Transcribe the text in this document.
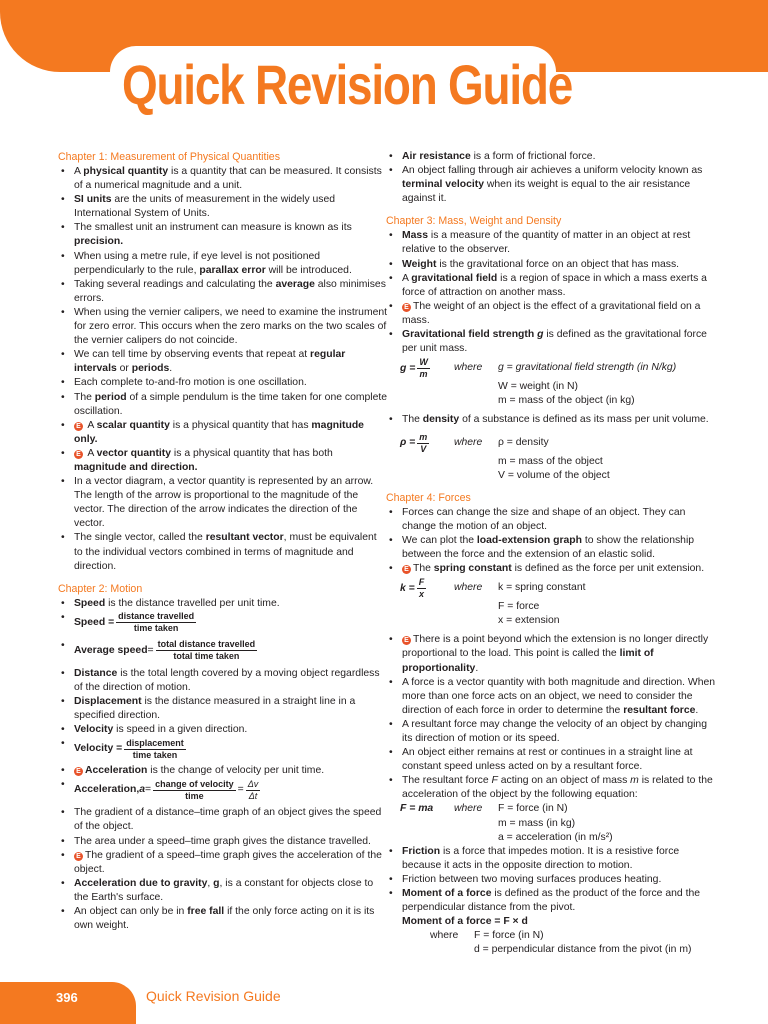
Quick Revision Guide
Chapter 1: Measurement of Physical Quantities
• A physical quantity is a quantity that can be measured. It consists of a numerical magnitude and a unit.
• SI units are the units of measurement in the widely used International System of Units.
• The smallest unit an instrument can measure is known as its precision.
• When using a metre rule, if eye level is not positioned perpendicularly to the rule, parallax error will be introduced.
• Taking several readings and calculating the average also minimises errors.
• When using the vernier calipers, we need to examine the instrument for zero error. This occurs when the zero marks on the two scales of the vernier calipers do not coincide.
• We can tell time by observing events that repeat at regular intervals or periods.
• Each complete to-and-fro motion is one oscillation.
• The period of a simple pendulum is the time taken for one complete oscillation.
• E A scalar quantity is a physical quantity that has magnitude only.
• E A vector quantity is a physical quantity that has both magnitude and direction.
• In a vector diagram, a vector quantity is represented by an arrow. The length of the arrow is proportional to the magnitude of the vector. The direction of the arrow indicates the direction of the vector.
• The single vector, called the resultant vector, must be equivalent to the individual vectors combined in terms of magnitude and direction.
Chapter 2: Motion
• Speed is the distance travelled per unit time.
• Speed = $\frac{\text{distance travelled}}{\text{time taken}}$
• Average speed = $\frac{\text{total distance travelled}}{\text{total time taken}}$
• Distance is the total length covered by a moving object regardless of the direction of motion.
• Displacement is the distance measured in a straight line in a specified direction.
• Velocity is speed in a given direction.
• Velocity = $\frac{\text{displacement}}{\text{time taken}}$
• E Acceleration is the change of velocity per unit time.
• Acceleration, $a = \frac{\text{change of velocity}}{\text{time}} = \frac{\Delta v}{\Delta t}$
• The gradient of a distance–time graph of an object gives the speed of the object.
• The area under a speed–time graph gives the distance travelled.
• E The gradient of a speed–time graph gives the acceleration of the object.
• Acceleration due to gravity, g, is a constant for objects close to the Earth's surface.
• An object can only be in free fall if the only force acting on it is its own weight.
• Air resistance is a form of frictional force.
• An object falling through air achieves a uniform velocity known as terminal velocity when its weight is equal to the air resistance against it.
Chapter 3: Mass, Weight and Density
• Mass is a measure of the quantity of matter in an object at rest relative to the observer.
• Weight is the gravitational force on an object that has mass.
• A gravitational field is a region of space in which a mass exerts a force of attraction on another mass.
• E The weight of an object is the effect of a gravitational field on a mass.
• Gravitational field strength g is defined as the gravitational force per unit mass.
$g = \frac{W}{m}$ where	g = gravitational field strength (in N/kg)
W = weight (in N)
m = mass of the object (in kg)
• The density of a substance is defined as its mass per unit volume.
$\rho = \frac{m}{V}$ where	ρ = density
m = mass of the object
V = volume of the object
Chapter 4: Forces
• Forces can change the size and shape of an object. They can change the motion of an object.
• We can plot the load-extension graph to show the relationship between the force and the extension of an elastic solid.
• E The spring constant is defined as the force per unit extension.
$k = \frac{F}{x}$	where	k = spring constant
F = force
x = extension
• E There is a point beyond which the extension is no longer directly proportional to the load. This point is called the limit of proportionality.
• A force is a vector quantity with both magnitude and direction. When more than one force acts on an object, we need to consider the direction of each force in order to determine the resultant force.
• A resultant force may change the velocity of an object by changing its direction of motion or its speed.
• An object either remains at rest or continues in a straight line at constant speed unless acted on by a resultant force.
• The resultant force F acting on an object of mass m is related to the acceleration of the object by the following equation:
F = ma	where	F = force (in N)
m = mass (in kg)
a = acceleration (in m/s²)
• Friction is a force that impedes motion. It is a resistive force because it acts in the opposite direction to motion.
• Friction between two moving surfaces produces heating.
• Moment of a force is defined as the product of the force and the perpendicular distance from the pivot.
Moment of a force = F × d
where	F = force (in N)
d = perpendicular distance from the pivot (in m)
396	Quick Revision Guide
